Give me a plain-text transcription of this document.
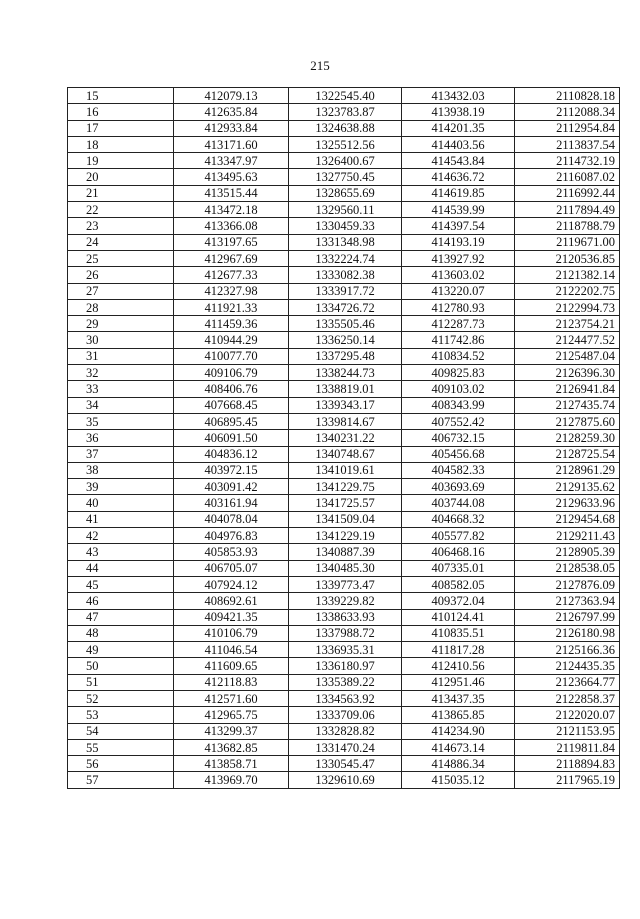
215
15	412079.13	1322545.40	413432.03	2110828.18
16	412635.84	1323783.87	413938.19	2112088.34
17	412933.84	1324638.88	414201.35	2112954.84
18	413171.60	1325512.56	414403.56	2113837.54
19	413347.97	1326400.67	414543.84	2114732.19
20	413495.63	1327750.45	414636.72	2116087.02
21	413515.44	1328655.69	414619.85	2116992.44
22	413472.18	1329560.11	414539.99	2117894.49
23	413366.08	1330459.33	414397.54	2118788.79
24	413197.65	1331348.98	414193.19	2119671.00
25	412967.69	1332224.74	413927.92	2120536.85
26	412677.33	1333082.38	413603.02	2121382.14
27	412327.98	1333917.72	413220.07	2122202.75
28	411921.33	1334726.72	412780.93	2122994.73
29	411459.36	1335505.46	412287.73	2123754.21
30	410944.29	1336250.14	411742.86	2124477.52
31	410077.70	1337295.48	410834.52	2125487.04
32	409106.79	1338244.73	409825.83	2126396.30
33	408406.76	1338819.01	409103.02	2126941.84
34	407668.45	1339343.17	408343.99	2127435.74
35	406895.45	1339814.67	407552.42	2127875.60
36	406091.50	1340231.22	406732.15	2128259.30
37	404836.12	1340748.67	405456.68	2128725.54
38	403972.15	1341019.61	404582.33	2128961.29
39	403091.42	1341229.75	403693.69	2129135.62
40	403161.94	1341725.57	403744.08	2129633.96
41	404078.04	1341509.04	404668.32	2129454.68
42	404976.83	1341229.19	405577.82	2129211.43
43	405853.93	1340887.39	406468.16	2128905.39
44	406705.07	1340485.30	407335.01	2128538.05
45	407924.12	1339773.47	408582.05	2127876.09
46	408692.61	1339229.82	409372.04	2127363.94
47	409421.35	1338633.93	410124.41	2126797.99
48	410106.79	1337988.72	410835.51	2126180.98
49	411046.54	1336935.31	411817.28	2125166.36
50	411609.65	1336180.97	412410.56	2124435.35
51	412118.83	1335389.22	412951.46	2123664.77
52	412571.60	1334563.92	413437.35	2122858.37
53	412965.75	1333709.06	413865.85	2122020.07
54	413299.37	1332828.82	414234.90	2121153.95
55	413682.85	1331470.24	414673.14	2119811.84
56	413858.71	1330545.47	414886.34	2118894.83
57	413969.70	1329610.69	415035.12	2117965.19
